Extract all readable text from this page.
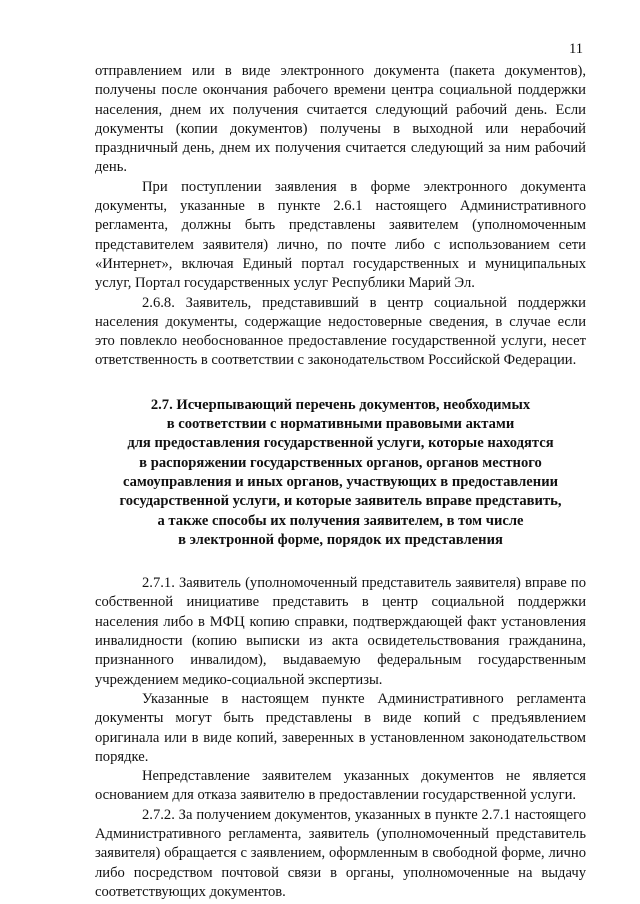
11

отправлением или в виде электронного документа (пакета документов), получены после окончания рабочего времени центра социальной поддержки населения, днем их получения считается следующий рабочий день. Если документы (копии документов) получены в выходной или нерабочий праздничный день, днем их получения считается следующий за ним рабочий день.

При поступлении заявления в форме электронного документа документы, указанные в пункте 2.6.1 настоящего Административного регламента, должны быть представлены заявителем (уполномоченным представителем заявителя) лично, по почте либо с использованием сети «Интернет», включая Единый портал государственных и муниципальных услуг, Портал государственных услуг Республики Марий Эл.

2.6.8. Заявитель, представивший в центр социальной поддержки населения документы, содержащие недостоверные сведения, в случае если это повлекло необоснованное предоставление государственной услуги, несет ответственность в соответствии с законодательством Российской Федерации.

2.7. Исчерпывающий перечень документов, необходимых
в соответствии с нормативными правовыми актами
для предоставления государственной услуги, которые находятся
в распоряжении государственных органов, органов местного
самоуправления и иных органов, участвующих в предоставлении
государственной услуги, и которые заявитель вправе представить,
а также способы их получения заявителем, в том числе
в электронной форме, порядок их представления

2.7.1. Заявитель (уполномоченный представитель заявителя) вправе по собственной инициативе представить в центр социальной поддержки населения либо в МФЦ копию справки, подтверждающей факт установления инвалидности (копию выписки из акта освидетельствования гражданина, признанного инвалидом), выдаваемую федеральным государственным учреждением медико-социальной экспертизы.

Указанные в настоящем пункте Административного регламента документы могут быть представлены в виде копий с предъявлением оригинала или в виде копий, заверенных в установленном законодательством порядке.

Непредставление заявителем указанных документов не является основанием для отказа заявителю в предоставлении государственной услуги.

2.7.2. За получением документов, указанных в пункте 2.7.1 настоящего Административного регламента, заявитель (уполномоченный представитель заявителя) обращается с заявлением, оформленным в свободной форме, лично либо посредством почтовой связи в органы, уполномоченные на выдачу соответствующих документов.
